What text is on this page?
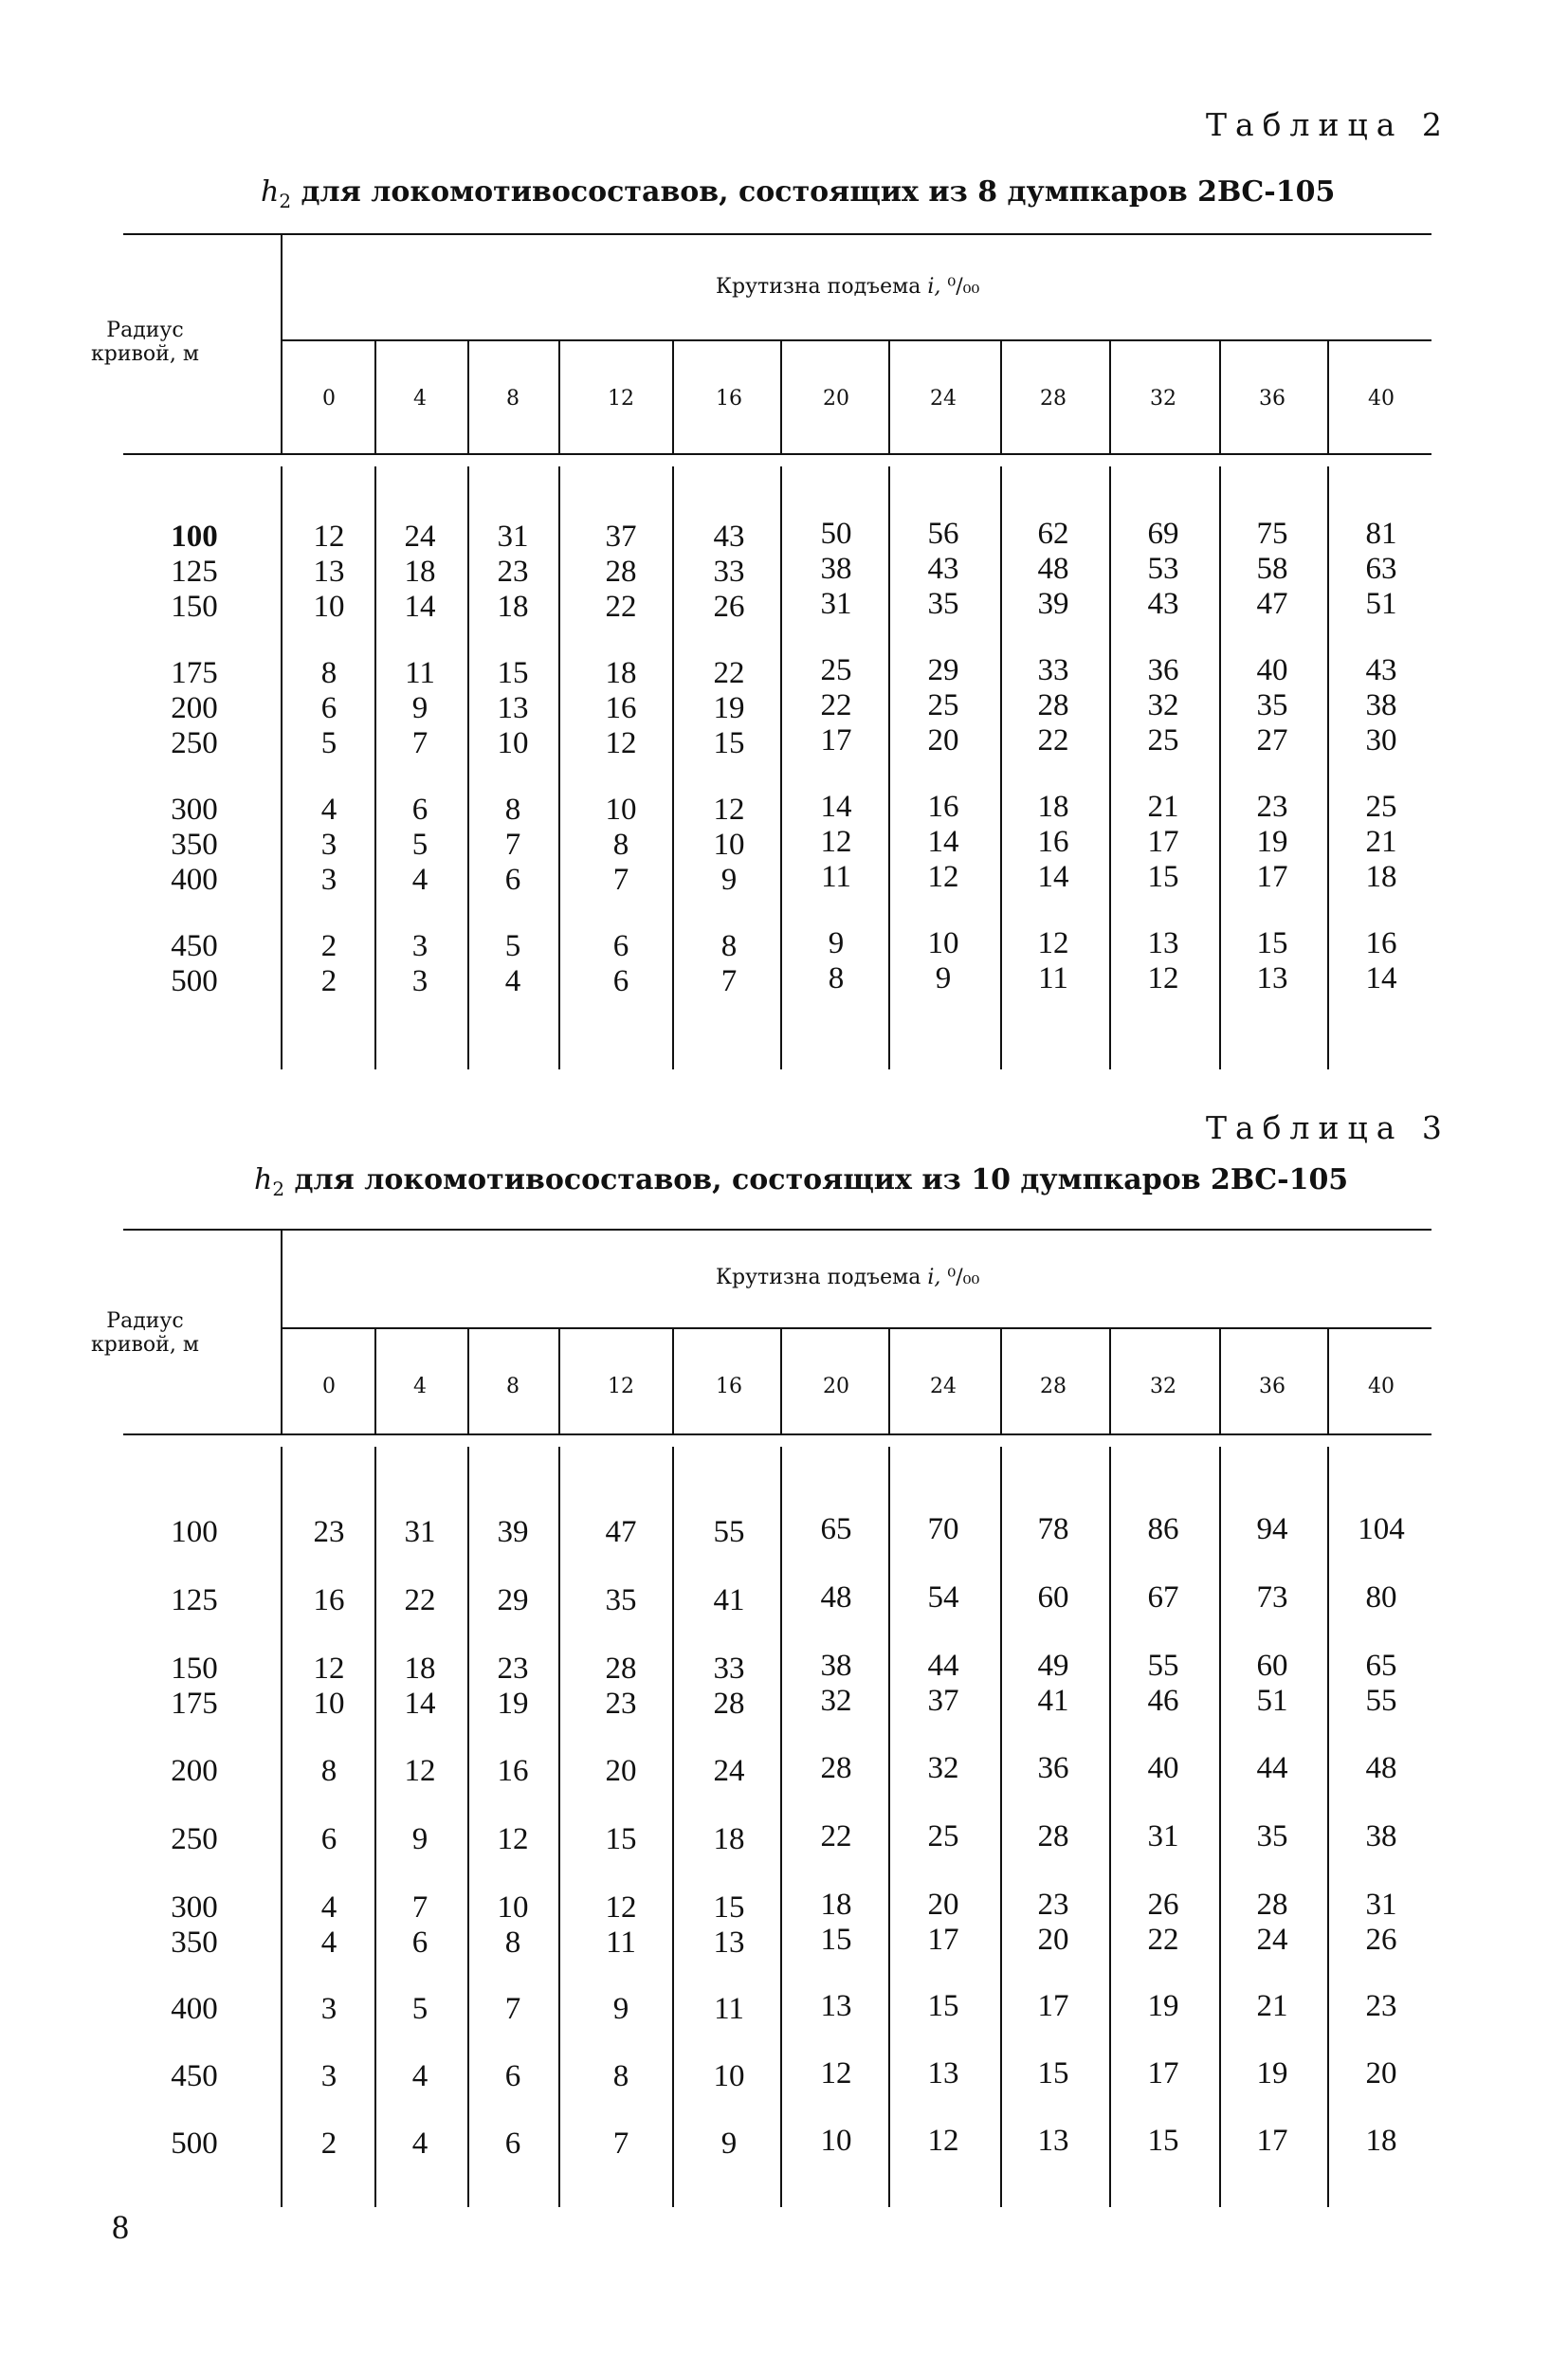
Таблица 2
$h_2$ для локомотивосоставов, состоящих из 8 думпкаров 2ВС-105
Радиус
кривой, м
Крутизна подъема i, ⁰/₀₀
0	4	8	12	16	20	24	28	32	36	40
100	12	24	31	37	43	50	56	62	69	75	81
125	13	18	23	28	33	38	43	48	53	58	63
150	10	14	18	22	26	31	35	39	43	47	51
175	8	11	15	18	22	25	29	33	36	40	43
200	6	9	13	16	19	22	25	28	32	35	38
250	5	7	10	12	15	17	20	22	25	27	30
300	4	6	8	10	12	14	16	18	21	23	25
350	3	5	7	8	10	12	14	16	17	19	21
400	3	4	6	7	9	11	12	14	15	17	18
450	2	3	5	6	8	9	10	12	13	15	16
500	2	3	4	6	7	8	9	11	12	13	14
Таблица 3
$h_2$ для локомотивосоставов, состоящих из 10 думпкаров 2ВС-105
Радиус
кривой, м
Крутизна подъема i, ⁰/₀₀
0	4	8	12	16	20	24	28	32	36	40
100	23	31	39	47	55	65	70	78	86	94	104
125	16	22	29	35	41	48	54	60	67	73	80
150	12	18	23	28	33	38	44	49	55	60	65
175	10	14	19	23	28	32	37	41	46	51	55
200	8	12	16	20	24	28	32	36	40	44	48
250	6	9	12	15	18	22	25	28	31	35	38
300	4	7	10	12	15	18	20	23	26	28	31
350	4	6	8	11	13	15	17	20	22	24	26
400	3	5	7	9	11	13	15	17	19	21	23
450	3	4	6	8	10	12	13	15	17	19	20
500	2	4	6	7	9	10	12	13	15	17	18
8
